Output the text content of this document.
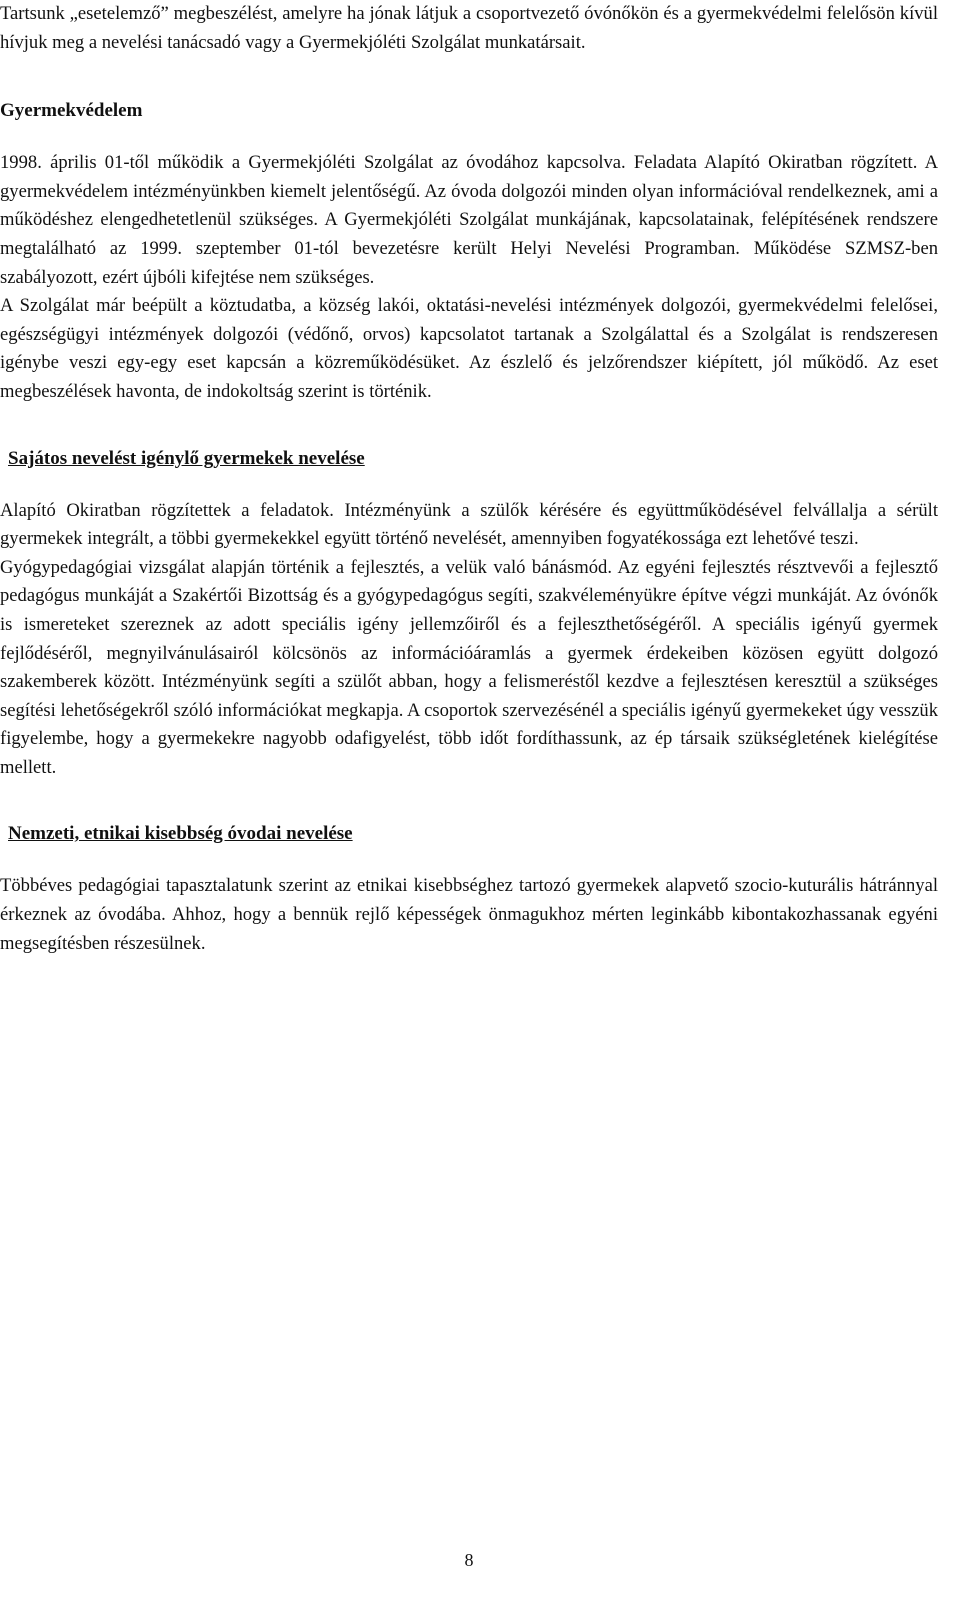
Tartsunk „esetelemző” megbeszélést, amelyre ha jónak látjuk a csoportvezető óvónőkön és a gyermekvédelmi felelősön kívül hívjuk meg a nevelési tanácsadó vagy a Gyermekjóléti Szolgálat munkatársait.

Gyermekvédelem

1998. április 01-től működik a Gyermekjóléti Szolgálat az óvodához kapcsolva. Feladata Alapító Okiratban rögzített. A gyermekvédelem intézményünkben kiemelt jelentőségű. Az óvoda dolgozói minden olyan információval rendelkeznek, ami a működéshez elengedhetetlenül szükséges. A Gyermekjóléti Szolgálat munkájának, kapcsolatainak, felépítésének rendszere megtalálható az 1999. szeptember 01-tól bevezetésre került Helyi Nevelési Programban. Működése SZMSZ-ben szabályozott, ezért újbóli kifejtése nem szükséges.

A Szolgálat már beépült a köztudatba, a község lakói, oktatási-nevelési intézmények dolgozói, gyermekvédelmi felelősei, egészségügyi intézmények dolgozói (védőnő, orvos) kapcsolatot tartanak a Szolgálattal és a Szolgálat is rendszeresen igénybe veszi egy-egy eset kapcsán a közreműködésüket. Az észlelő és jelzőrendszer kiépített, jól működő. Az eset megbeszélések havonta, de indokoltság szerint is történik.

Sajátos nevelést igénylő gyermekek nevelése

Alapító Okiratban rögzítettek a feladatok. Intézményünk a szülők kérésére és együttműködésével felvállalja a sérült gyermekek integrált, a többi gyermekekkel együtt történő nevelését, amennyiben fogyatékossága ezt lehetővé teszi.

Gyógypedagógiai vizsgálat alapján történik a fejlesztés, a velük való bánásmód. Az egyéni fejlesztés résztvevői a fejlesztő pedagógus munkáját a Szakértői Bizottság és a gyógypedagógus segíti, szakvéleményükre építve végzi munkáját. Az óvónők is ismereteket szereznek az adott speciális igény jellemzőiről és a fejleszthetőségéről. A speciális igényű gyermek fejlődéséről, megnyilvánulásairól kölcsönös az információáramlás a gyermek érdekeiben közösen együtt dolgozó szakemberek között. Intézményünk segíti a szülőt abban, hogy a felismeréstől kezdve a fejlesztésen keresztül a szükséges segítési lehetőségekről szóló információkat megkapja. A csoportok szervezésénél a speciális igényű gyermekeket úgy vesszük figyelembe, hogy a gyermekekre nagyobb odafigyelést, több időt fordíthassunk, az ép társaik szükségletének kielégítése mellett.

Nemzeti, etnikai kisebbség óvodai nevelése

Többéves pedagógiai tapasztalatunk szerint az etnikai kisebbséghez tartozó gyermekek alapvető szocio-kuturális hátránnyal érkeznek az óvodába. Ahhoz, hogy a bennük rejlő képességek önmagukhoz mérten leginkább kibontakozhassanak egyéni megsegítésben részesülnek.

8
